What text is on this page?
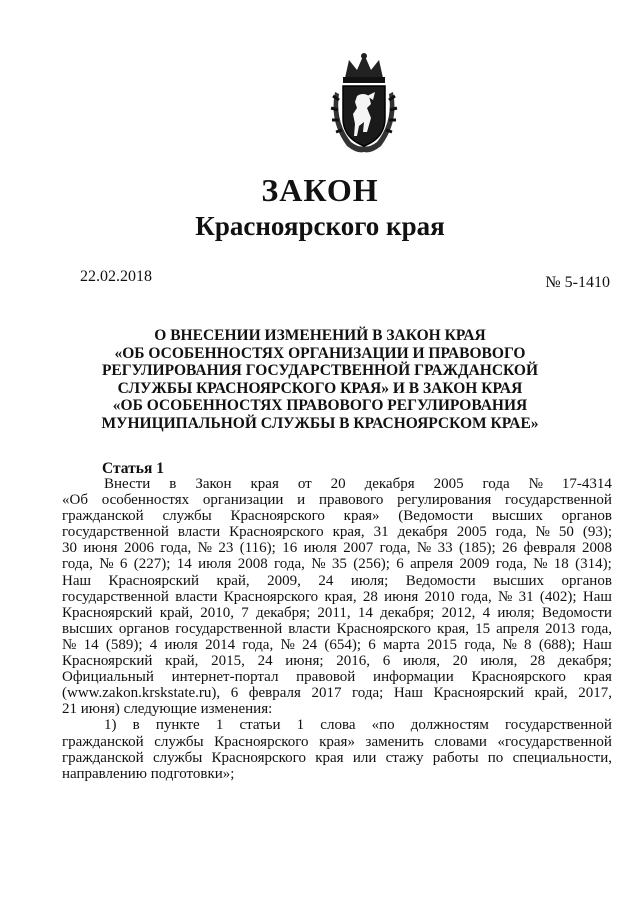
ЗАКОН
Красноярского края
22.02.2018	№ 5-1410
О ВНЕСЕНИИ ИЗМЕНЕНИЙ В ЗАКОН КРАЯ
«ОБ ОСОБЕННОСТЯХ ОРГАНИЗАЦИИ И ПРАВОВОГО
РЕГУЛИРОВАНИЯ ГОСУДАРСТВЕННОЙ ГРАЖДАНСКОЙ
СЛУЖБЫ КРАСНОЯРСКОГО КРАЯ» И В ЗАКОН КРАЯ
«ОБ ОСОБЕННОСТЯХ ПРАВОВОГО РЕГУЛИРОВАНИЯ
МУНИЦИПАЛЬНОЙ СЛУЖБЫ В КРАСНОЯРСКОМ КРАЕ»
Статья 1
Внести в Закон края от 20 декабря 2005 года № 17-4314
«Об особенностях организации и правового регулирования государственной
гражданской службы Красноярского края» (Ведомости высших органов
государственной власти Красноярского края, 31 декабря 2005 года, № 50 (93);
30 июня 2006 года, № 23 (116); 16 июля 2007 года, № 33 (185); 26 февраля 2008
года, № 6 (227); 14 июля 2008 года, № 35 (256); 6 апреля 2009 года, № 18 (314);
Наш Красноярский край, 2009, 24 июля; Ведомости высших органов
государственной власти Красноярского края, 28 июня 2010 года, № 31 (402); Наш
Красноярский край, 2010, 7 декабря; 2011, 14 декабря; 2012, 4 июля; Ведомости
высших органов государственной власти Красноярского края, 15 апреля 2013 года,
№ 14 (589); 4 июля 2014 года, № 24 (654); 6 марта 2015 года, № 8 (688); Наш
Красноярский край, 2015, 24 июня; 2016, 6 июля, 20 июля, 28 декабря;
Официальный интернет-портал правовой информации Красноярского края
(www.zakon.krskstate.ru), 6 февраля 2017 года; Наш Красноярский край, 2017,
21 июня) следующие изменения:
1) в пункте 1 статьи 1 слова «по должностям государственной
гражданской службы Красноярского края» заменить словами «государственной
гражданской службы Красноярского края или стажу работы по специальности,
направлению подготовки»;
